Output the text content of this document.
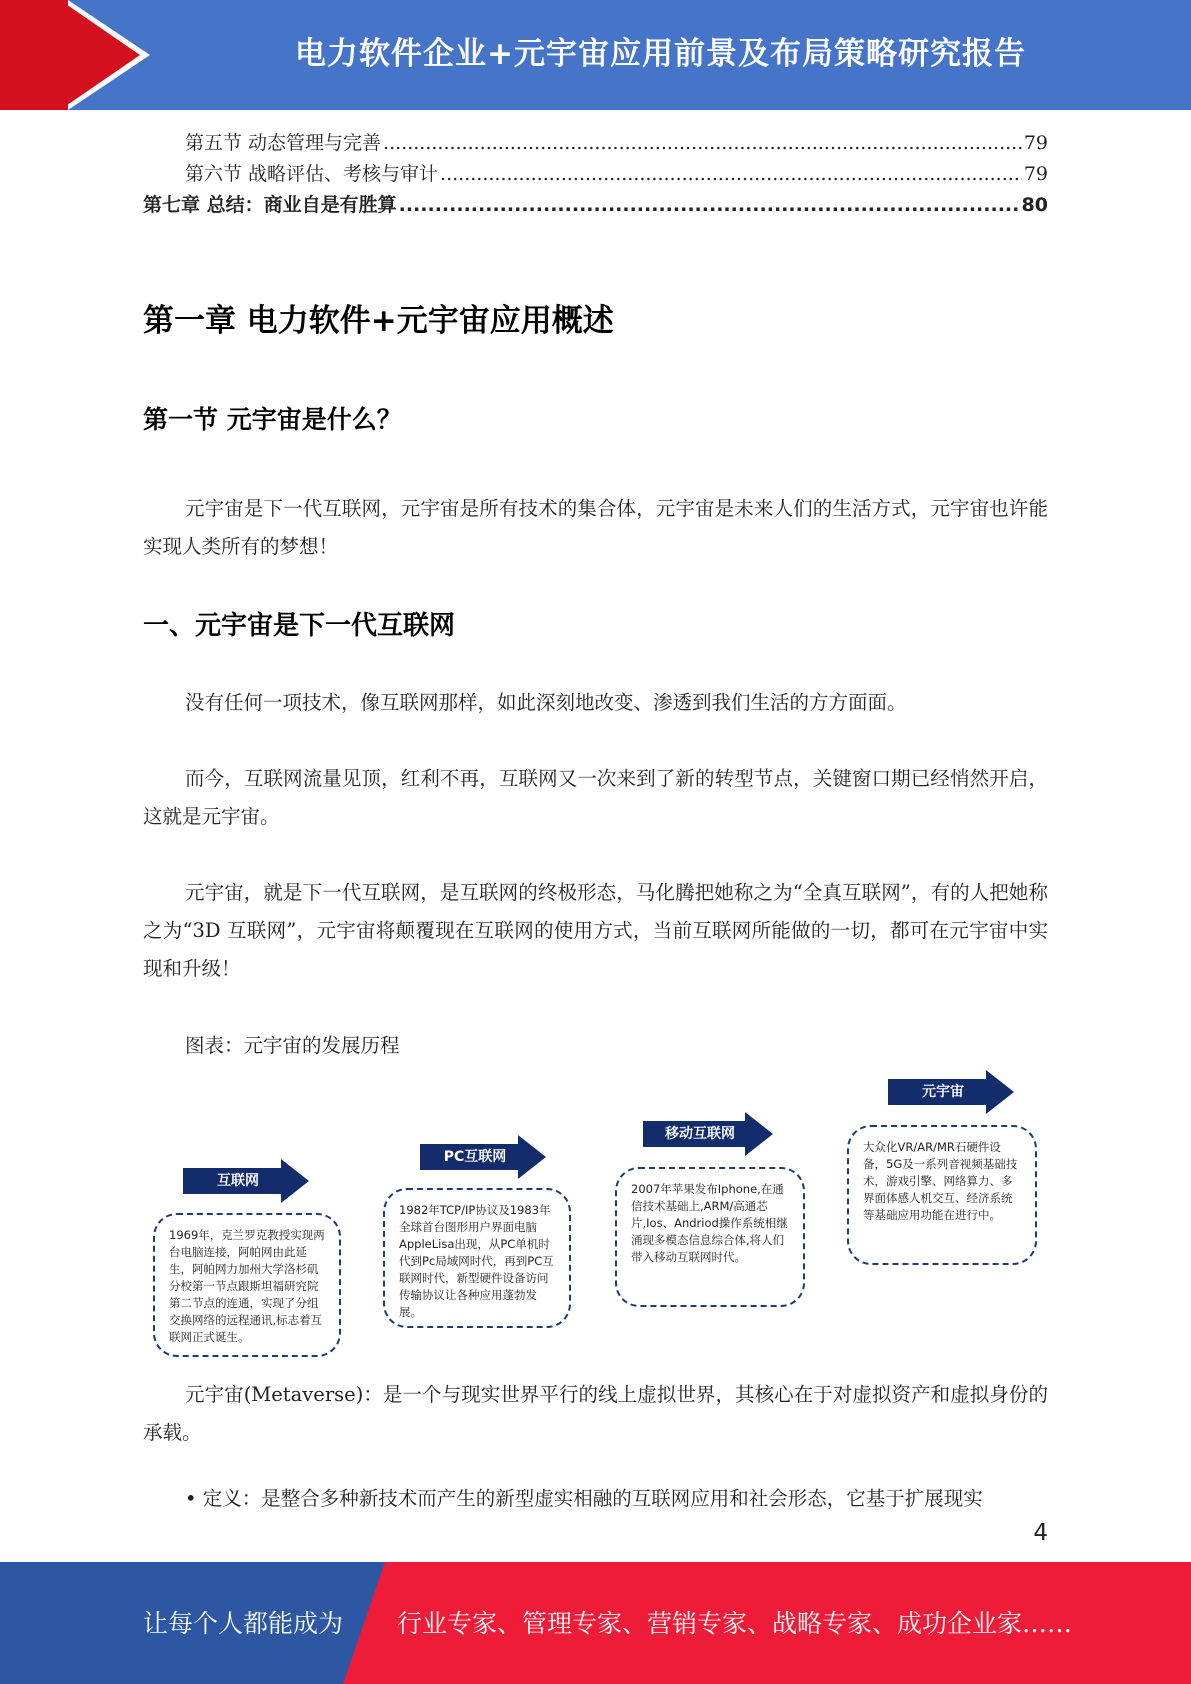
电力软件企业+元宇宙应用前景及布局策略研究报告
第五节 动态管理与完善 .....	79
第六节 战略评估、考核与审计 .....	79
第七章 总结：商业自是有胜算 .....	80
第一章 电力软件+元宇宙应用概述
第一节 元宇宙是什么？
元宇宙是下一代互联网，元宇宙是所有技术的集合体，元宇宙是未来人们的生活方式，元宇宙也许能实现人类所有的梦想！
一、元宇宙是下一代互联网
没有任何一项技术，像互联网那样，如此深刻地改变、渗透到我们生活的方方面面。
而今，互联网流量见顶，红利不再，互联网又一次来到了新的转型节点，关键窗口期已经悄然开启，这就是元宇宙。
元宇宙，就是下一代互联网，是互联网的终极形态，马化腾把她称之为“全真互联网”，有的人把她称之为“3D 互联网”，元宇宙将颠覆现在互联网的使用方式，当前互联网所能做的一切，都可在元宇宙中实现和升级！
图表：元宇宙的发展历程
互联网
1969年，克兰罗克教授实现两台电脑连接，阿帕网由此延生，阿帕网力加州大学洛杉矶分校第一节点跟斯坦福研究院第二节点的连通，实现了分组交换网络的远程通讯,标志着互联网正式诞生。
PC互联网
1982年TCP/IP协议及1983年全球首台图形用户界面电脑AppleLisa出现，从PC单机时代到Pc局域网时代，再到PC互联网时代，新型硬件设备访问传输协议让各种应用蓬勃发展。
移动互联网
2007年苹果发布Iphone,在通信技术基础上,ARM/高通芯片,Ios、Andriod操作系统相继涌现多模态信息综合体,将人们带入移动互联网时代。
元宇宙
大众化VR/AR/MR石硬件设备，5G及一系列音视频基础技术，游戏引擎、网络算力、多界面体感人机交互、经济系统等基础应用功能在进行中。
元宇宙(Metaverse)：是一个与现实世界平行的线上虚拟世界，其核心在于对虚拟资产和虚拟身份的承载。
• 定义：是整合多种新技术而产生的新型虚实相融的互联网应用和社会形态，它基于扩展现实
4
让每个人都能成为 行业专家、管理专家、营销专家、战略专家、成功企业家……
